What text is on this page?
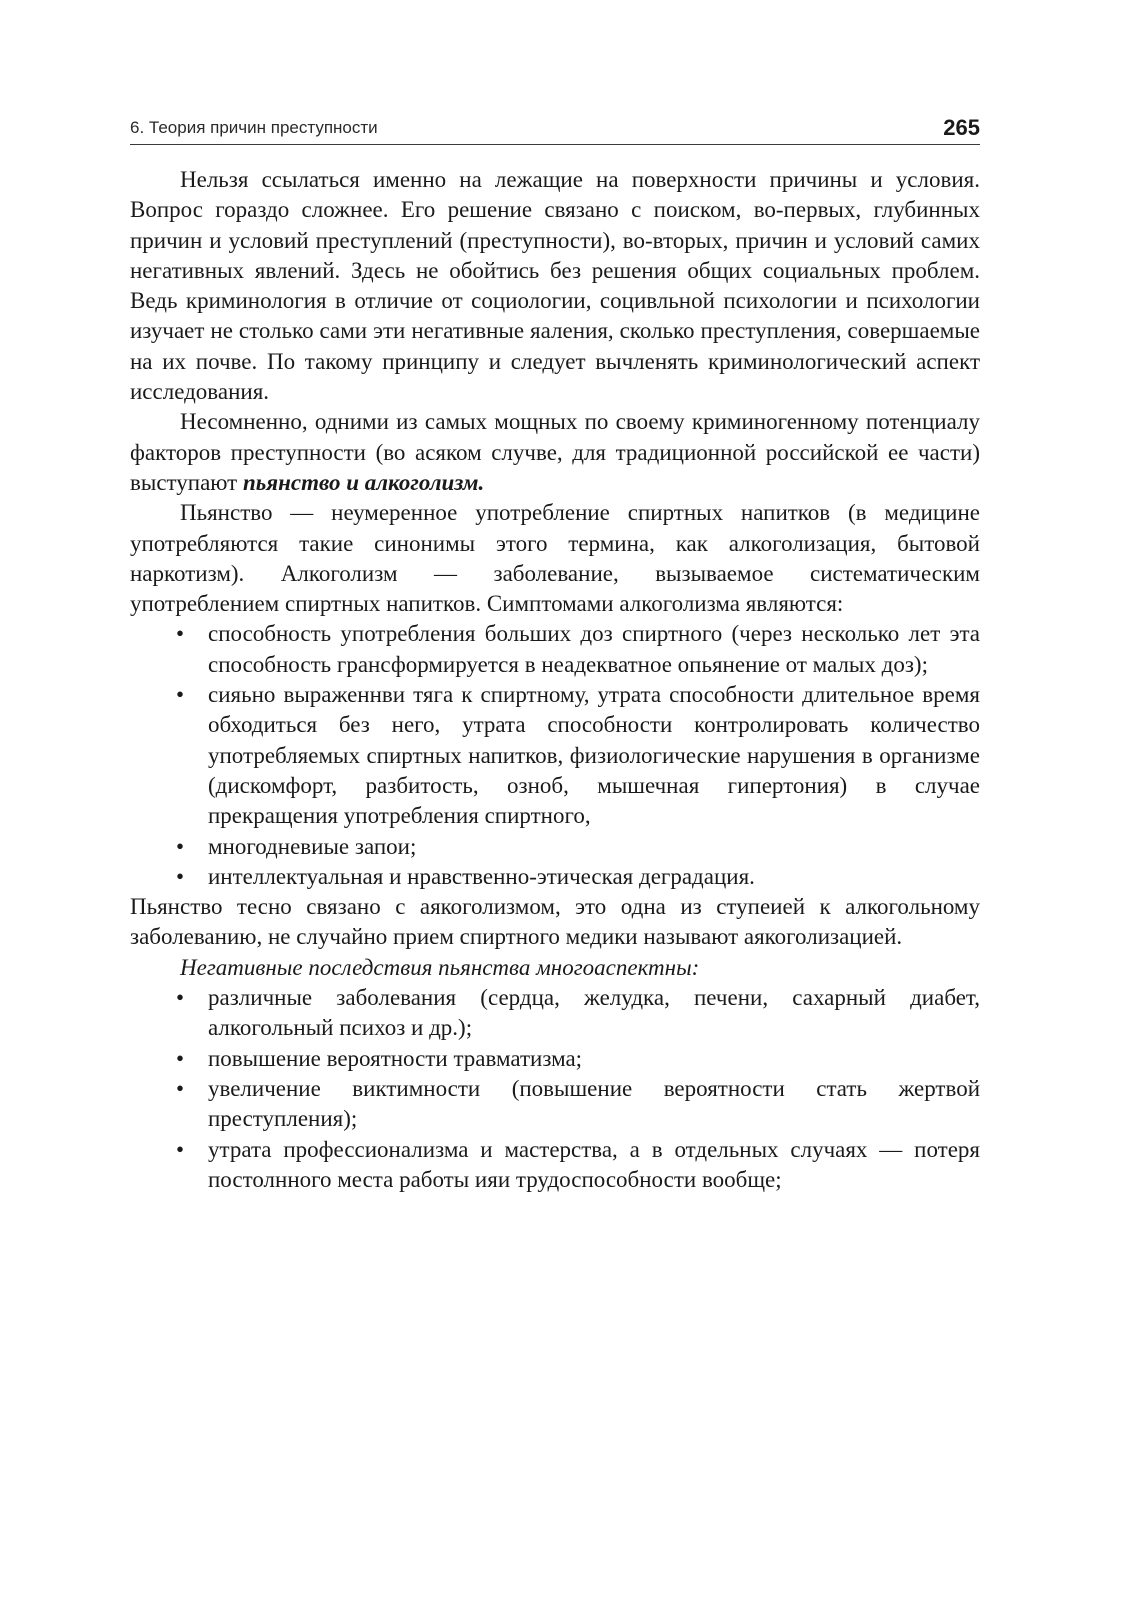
6. Теория причин преступности	265

Нельзя ссылаться именно на лежащие на поверхности причины и условия. Вопрос гораздо сложнее. Его решение связано с поиском, во-первых, глубинных причин и условий преступлений (преступности), во-вторых, причин и условий самих негативных явлений. Здесь не обойтись без решения общих социальных проблем. Ведь криминология в отличие от социологии, социвльной психологии и психологии изучает не столько сами эти негативные яаления, сколько преступления, совершаемые на их почве. По такому принципу и следует вычленять криминологический аспект исследования.

Несомненно, одними из самых мощных по своему криминогенному потенциалу факторов преступности (во асяком случве, для традиционной российской ее части) выступают пьянство и алкоголизм.

Пьянство — неумеренное употребление спиртных напитков (в медицине употребляются такие синонимы этого термина, как алкоголизация, бытовой наркотизм). Алкоголизм — заболевание, вызываемое систематическим употреблением спиртных напитков. Симптомами алкоголизма являются:

• способность употребления больших доз спиртного (через несколько лет эта способность грансформируется в неадекватное опьянение от малых доз);
• сияьно выраженнви тяга к спиртному, утрата способности длительное время обходиться без него, утрата способности контролировать количество употребляемых спиртных напитков, физиологические нарушения в организме (дискомфорт, разбитость, озноб, мышечная гипертония) в случае прекращения употребления спиртного,
• многодневиые запои;
• интеллектуальная и нравственно-этическая деградация.

Пьянство тесно связано с аякоголизмом, это одна из ступеией к алкогольному заболеванию, не случайно прием спиртного медики называют аякоголизацией.

Негативные последствия пьянства многоаспектны:

• различные заболевания (сердца, желудка, печени, сахарный диабет, алкогольный психоз и др.);
• повышение вероятности травматизма;
• увеличение виктимности (повышение вероятности стать жертвой преступления);
• утрата профессионализма и мастерства, а в отдельных случаях — потеря постолнного места работы ияи трудоспособности вообще;
